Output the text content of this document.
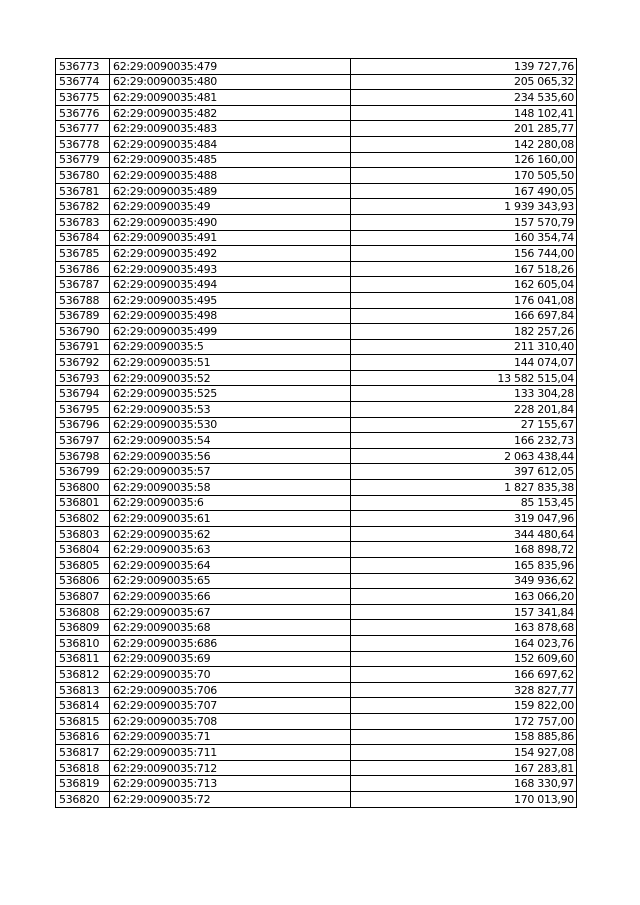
536773	62:29:0090035:479	139 727,76
536774	62:29:0090035:480	205 065,32
536775	62:29:0090035:481	234 535,60
536776	62:29:0090035:482	148 102,41
536777	62:29:0090035:483	201 285,77
536778	62:29:0090035:484	142 280,08
536779	62:29:0090035:485	126 160,00
536780	62:29:0090035:488	170 505,50
536781	62:29:0090035:489	167 490,05
536782	62:29:0090035:49	1 939 343,93
536783	62:29:0090035:490	157 570,79
536784	62:29:0090035:491	160 354,74
536785	62:29:0090035:492	156 744,00
536786	62:29:0090035:493	167 518,26
536787	62:29:0090035:494	162 605,04
536788	62:29:0090035:495	176 041,08
536789	62:29:0090035:498	166 697,84
536790	62:29:0090035:499	182 257,26
536791	62:29:0090035:5	211 310,40
536792	62:29:0090035:51	144 074,07
536793	62:29:0090035:52	13 582 515,04
536794	62:29:0090035:525	133 304,28
536795	62:29:0090035:53	228 201,84
536796	62:29:0090035:530	27 155,67
536797	62:29:0090035:54	166 232,73
536798	62:29:0090035:56	2 063 438,44
536799	62:29:0090035:57	397 612,05
536800	62:29:0090035:58	1 827 835,38
536801	62:29:0090035:6	85 153,45
536802	62:29:0090035:61	319 047,96
536803	62:29:0090035:62	344 480,64
536804	62:29:0090035:63	168 898,72
536805	62:29:0090035:64	165 835,96
536806	62:29:0090035:65	349 936,62
536807	62:29:0090035:66	163 066,20
536808	62:29:0090035:67	157 341,84
536809	62:29:0090035:68	163 878,68
536810	62:29:0090035:686	164 023,76
536811	62:29:0090035:69	152 609,60
536812	62:29:0090035:70	166 697,62
536813	62:29:0090035:706	328 827,77
536814	62:29:0090035:707	159 822,00
536815	62:29:0090035:708	172 757,00
536816	62:29:0090035:71	158 885,86
536817	62:29:0090035:711	154 927,08
536818	62:29:0090035:712	167 283,81
536819	62:29:0090035:713	168 330,97
536820	62:29:0090035:72	170 013,90
